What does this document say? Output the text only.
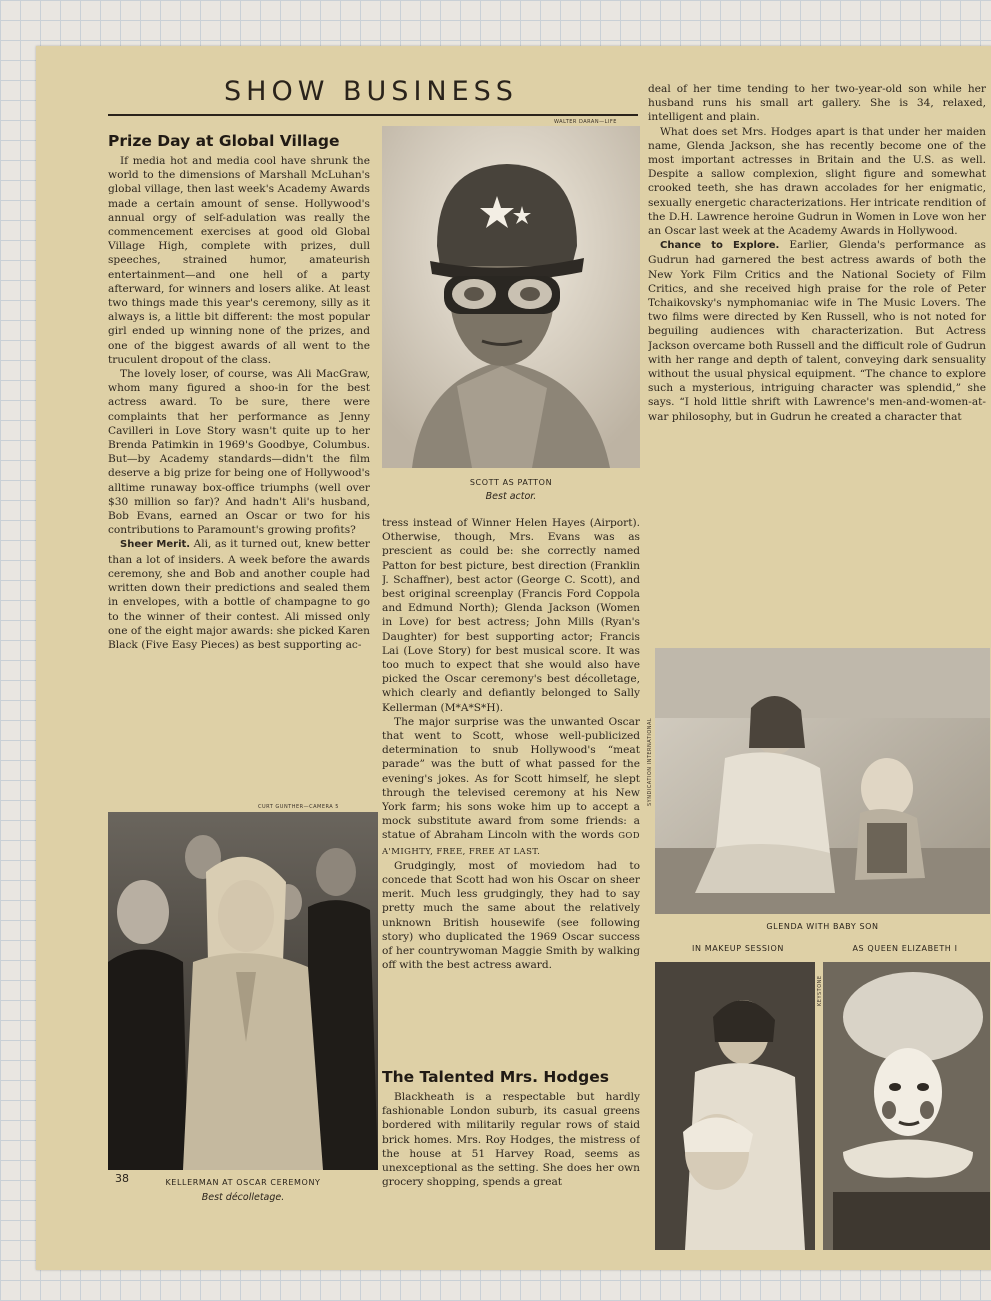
SHOW BUSINESS
Prize Day at Global Village

If media hot and media cool have shrunk the world to the dimensions of Marshall McLuhan's global village, then last week's Academy Awards made a certain amount of sense. Hollywood's annual orgy of self-adulation was really the commencement exercises at good old Global Village High, complete with prizes, dull speeches, strained humor, amateurish entertainment—and one hell of a party afterward, for winners and losers alike. At least two things made this year's ceremony, silly as it always is, a little bit different: the most popular girl ended up winning none of the prizes, and one of the biggest awards of all went to the truculent dropout of the class.

The lovely loser, of course, was Ali MacGraw, whom many figured a shoo-in for the best actress award. To be sure, there were complaints that her performance as Jenny Cavilleri in Love Story wasn't quite up to her Brenda Patimkin in 1969's Goodbye, Columbus. But—by Academy standards—didn't the film deserve a big prize for being one of Hollywood's alltime runaway box-office triumphs (well over $30 million so far)? And hadn't Ali's husband, Bob Evans, earned an Oscar or two for his contributions to Paramount's growing profits?

Sheer Merit. Ali, as it turned out, knew better than a lot of insiders. A week before the awards ceremony, she and Bob and another couple had written down their predictions and sealed them in envelopes, with a bottle of champagne to go to the winner of their contest. Ali missed only one of the eight major awards: she picked Karen Black (Five Easy Pieces) as best supporting ac-

CURT GUNTHER—CAMERA 5
KELLERMAN AT OSCAR CEREMONY
Best décolletage.
38
WALTER DARAN—LIFE
SCOTT AS PATTON
Best actor.

tress instead of Winner Helen Hayes (Airport). Otherwise, though, Mrs. Evans was as prescient as could be: she correctly named Patton for best picture, best direction (Franklin J. Schaffner), best actor (George C. Scott), and best original screenplay (Francis Ford Coppola and Edmund North); Glenda Jackson (Women in Love) for best actress; John Mills (Ryan's Daughter) for best supporting actor; Francis Lai (Love Story) for best musical score. It was too much to expect that she would also have picked the Oscar ceremony's best décolletage, which clearly and defiantly belonged to Sally Kellerman (M*A*S*H).

The major surprise was the unwanted Oscar that went to Scott, whose well-publicized determination to snub Hollywood's “meat parade” was the butt of what passed for the evening's jokes. As for Scott himself, he slept through the televised ceremony at his New York farm; his sons woke him up to accept a mock substitute award from some friends: a statue of Abraham Lincoln with the words GOD A'MIGHTY, FREE, FREE AT LAST.

Grudgingly, most of moviedom had to concede that Scott had won his Oscar on sheer merit. Much less grudgingly, they had to say pretty much the same about the relatively unknown British housewife (see following story) who duplicated the 1969 Oscar success of her countrywoman Maggie Smith by walking off with the best actress award.

The Talented Mrs. Hodges

Blackheath is a respectable but hardly fashionable London suburb, its casual greens bordered with militarily regular rows of staid brick homes. Mrs. Roy Hodges, the mistress of the house at 51 Harvey Road, seems as unexceptional as the setting. She does her own grocery shopping, spends a great

deal of her time tending to her two-year-old son while her husband runs his small art gallery. She is 34, relaxed, intelligent and plain.

What does set Mrs. Hodges apart is that under her maiden name, Glenda Jackson, she has recently become one of the most important actresses in Britain and the U.S. as well. Despite a sallow complexion, slight figure and somewhat crooked teeth, she has drawn accolades for her enigmatic, sexually energetic characterizations. Her intricate rendition of the D.H. Lawrence heroine Gudrun in Women in Love won her an Oscar last week at the Academy Awards in Hollywood.

Chance to Explore. Earlier, Glenda's performance as Gudrun had garnered the best actress awards of both the New York Film Critics and the National Society of Film Critics, and she received high praise for the role of Peter Tchaikovsky's nymphomaniac wife in The Music Lovers. The two films were directed by Ken Russell, who is not noted for beguiling audiences with characterization. But Actress Jackson overcame both Russell and the difficult role of Gudrun with her range and depth of talent, conveying dark sensuality without the usual physical equipment. “The chance to explore such a mysterious, intriguing character was splendid,” she says. “I hold little shrift with Lawrence's men-and-women-at-war philosophy, but in Gudrun he created a character that

SYNDICATION INTERNATIONAL
GLENDA WITH BABY SON
IN MAKEUP SESSION	AS QUEEN ELIZABETH I
KEYSTONE
